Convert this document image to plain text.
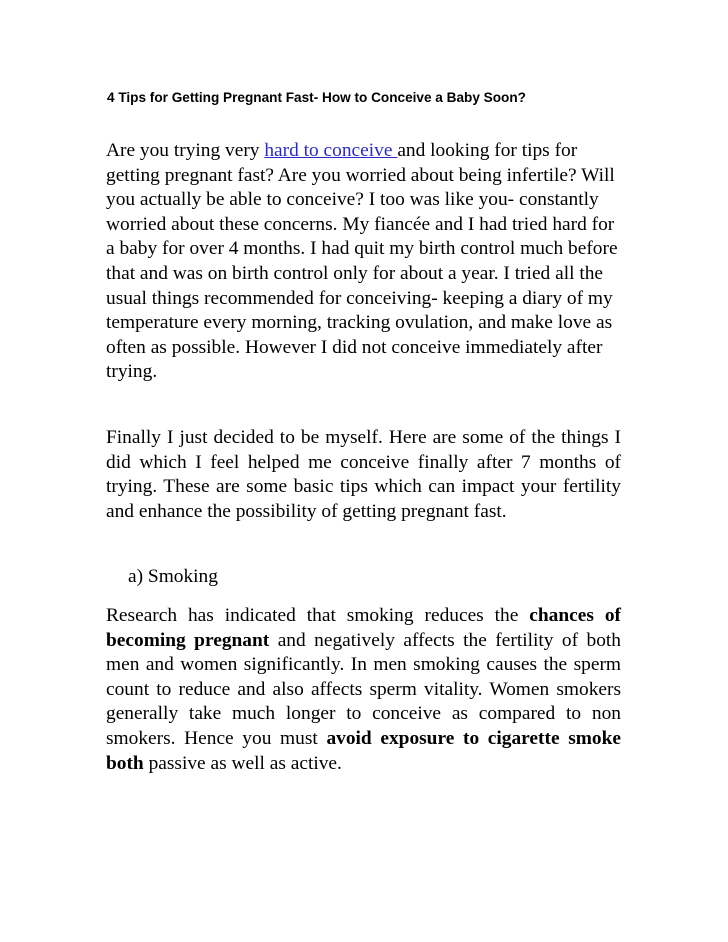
4 Tips for Getting Pregnant Fast- How to Conceive a Baby Soon?

Are you trying very hard to conceive and looking for tips for getting pregnant fast? Are you worried about being infertile? Will you actually be able to conceive? I too was like you- constantly worried about these concerns. My fiancée and I had tried hard for a baby for over 4 months. I had quit my birth control much before that and was on birth control only for about a year. I tried all the usual things recommended for conceiving- keeping a diary of my temperature every morning, tracking ovulation, and make love as often as possible. However I did not conceive immediately after trying.

Finally I just decided to be myself. Here are some of the things I did which I feel helped me conceive finally after 7 months of trying. These are some basic tips which can impact your fertility and enhance the possibility of getting pregnant fast.

a) Smoking

Research has indicated that smoking reduces the chances of becoming pregnant and negatively affects the fertility of both men and women significantly. In men smoking causes the sperm count to reduce and also affects sperm vitality. Women smokers generally take much longer to conceive as compared to non smokers. Hence you must avoid exposure to cigarette smoke both passive as well as active.
